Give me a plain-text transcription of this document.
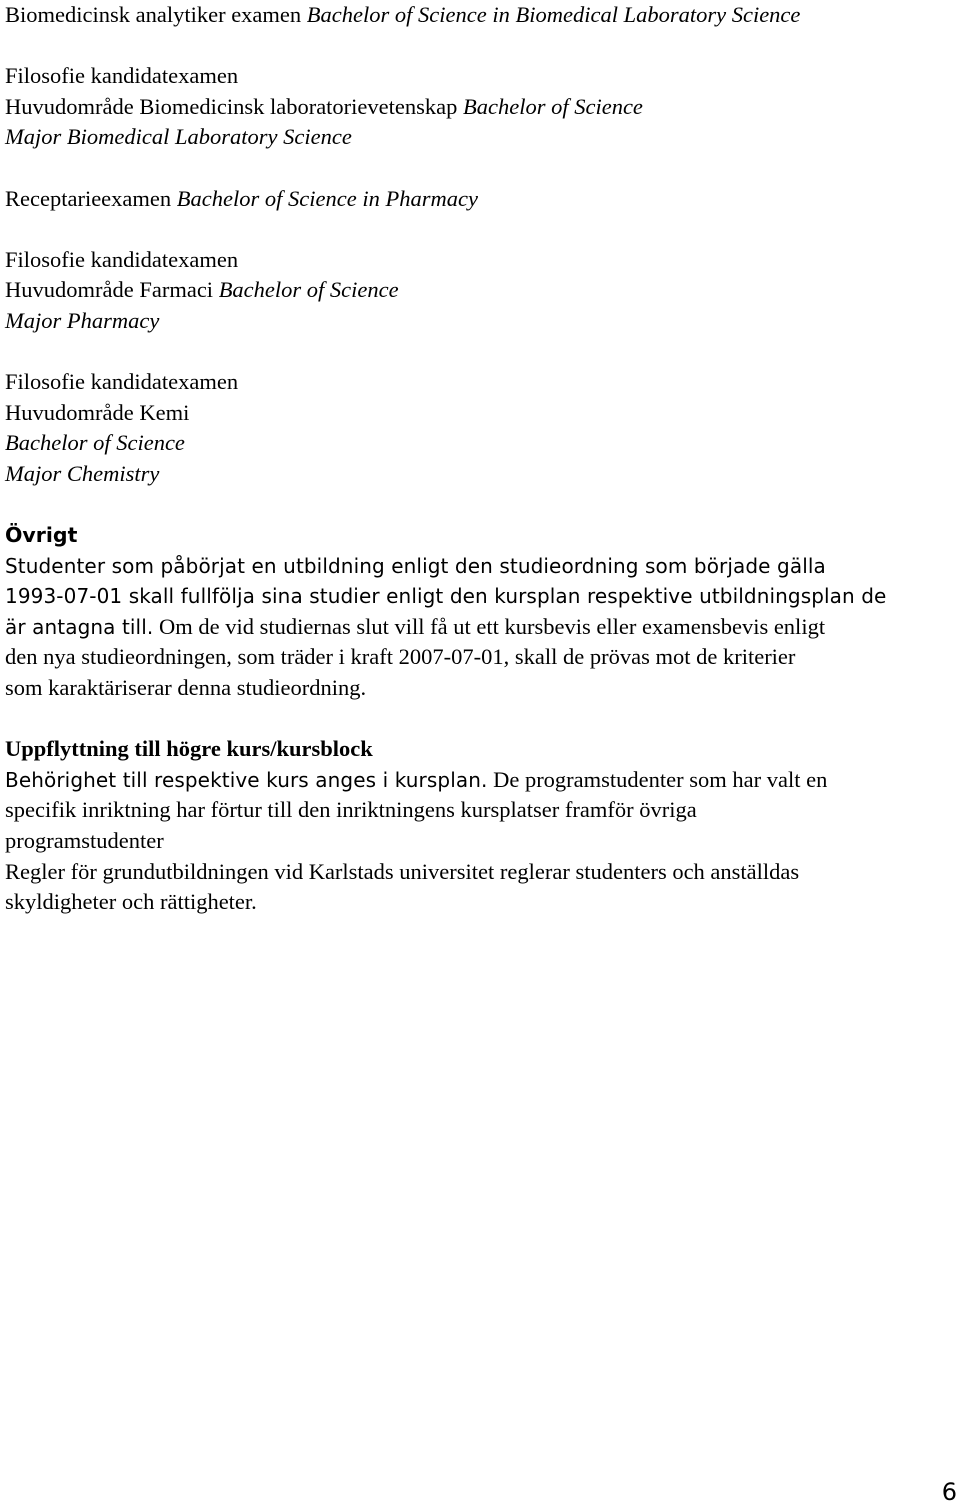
Biomedicinsk analytiker examen Bachelor of Science in Biomedical Laboratory Science
Filosofie kandidatexamen
Huvudområde Biomedicinsk laboratorievetenskap Bachelor of Science
Major Biomedical Laboratory Science
Receptarieexamen Bachelor of Science in Pharmacy
Filosofie kandidatexamen
Huvudområde Farmaci Bachelor of Science
Major Pharmacy
Filosofie kandidatexamen
Huvudområde Kemi
Bachelor of Science
Major Chemistry
Övrigt
Studenter som påbörjat en utbildning enligt den studieordning som började gälla
1993-07-01 skall fullfölja sina studier enligt den kursplan respektive utbildningsplan de
är antagna till. Om de vid studiernas slut vill få ut ett kursbevis eller examensbevis enligt
den nya studieordningen, som träder i kraft 2007-07-01, skall de prövas mot de kriterier
som karaktäriserar denna studieordning.
Uppflyttning till högre kurs/kursblock
Behörighet till respektive kurs anges i kursplan. De programstudenter som har valt en
specifik inriktning har förtur till den inriktningens kursplatser framför övriga
programstudenter
Regler för grundutbildningen vid Karlstads universitet reglerar studenters och anställdas
skyldigheter och rättigheter.
6
